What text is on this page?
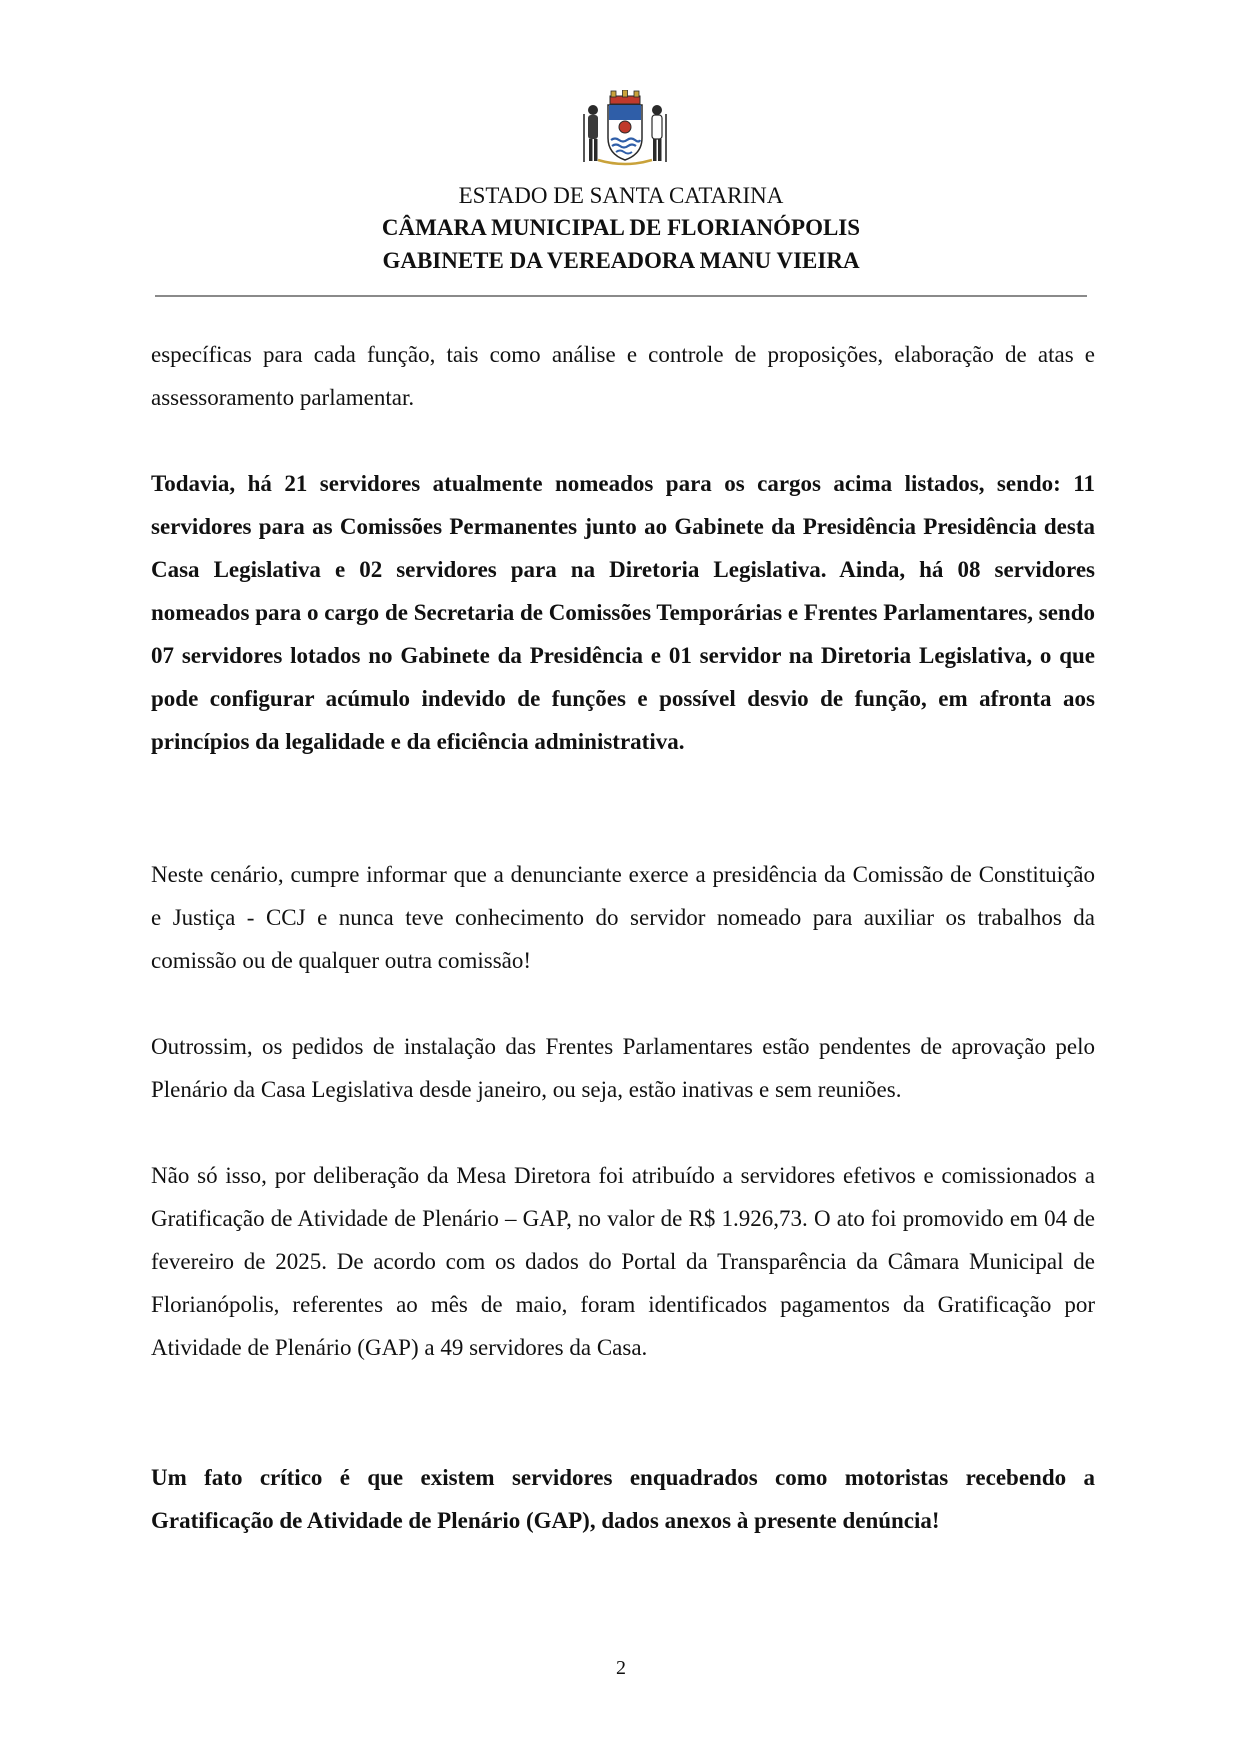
ESTADO DE SANTA CATARINA
CÂMARA MUNICIPAL DE FLORIANÓPOLIS
GABINETE DA VEREADORA MANU VIEIRA

específicas para cada função, tais como análise e controle de proposições, elaboração de atas e assessoramento parlamentar.

Todavia, há 21 servidores atualmente nomeados para os cargos acima listados, sendo: 11 servidores para as Comissões Permanentes junto ao Gabinete da Presidência Presidência desta Casa Legislativa e 02 servidores para na Diretoria Legislativa. Ainda, há 08 servidores nomeados para o cargo de Secretaria de Comissões Temporárias e Frentes Parlamentares, sendo 07 servidores lotados no Gabinete da Presidência e 01 servidor na Diretoria Legislativa, o que pode configurar acúmulo indevido de funções e possível desvio de função, em afronta aos princípios da legalidade e da eficiência administrativa.

Neste cenário, cumpre informar que a denunciante exerce a presidência da Comissão de Constituição e Justiça - CCJ e nunca teve conhecimento do servidor nomeado para auxiliar os trabalhos da comissão ou de qualquer outra comissão!

Outrossim, os pedidos de instalação das Frentes Parlamentares estão pendentes de aprovação pelo Plenário da Casa Legislativa desde janeiro, ou seja, estão inativas e sem reuniões.

Não só isso, por deliberação da Mesa Diretora foi atribuído a servidores efetivos e comissionados a Gratificação de Atividade de Plenário – GAP, no valor de R$ 1.926,73. O ato foi promovido em 04 de fevereiro de 2025. De acordo com os dados do Portal da Transparência da Câmara Municipal de Florianópolis, referentes ao mês de maio, foram identificados pagamentos da Gratificação por Atividade de Plenário (GAP) a 49 servidores da Casa.

Um fato crítico é que existem servidores enquadrados como motoristas recebendo a Gratificação de Atividade de Plenário (GAP), dados anexos à presente denúncia!

2
